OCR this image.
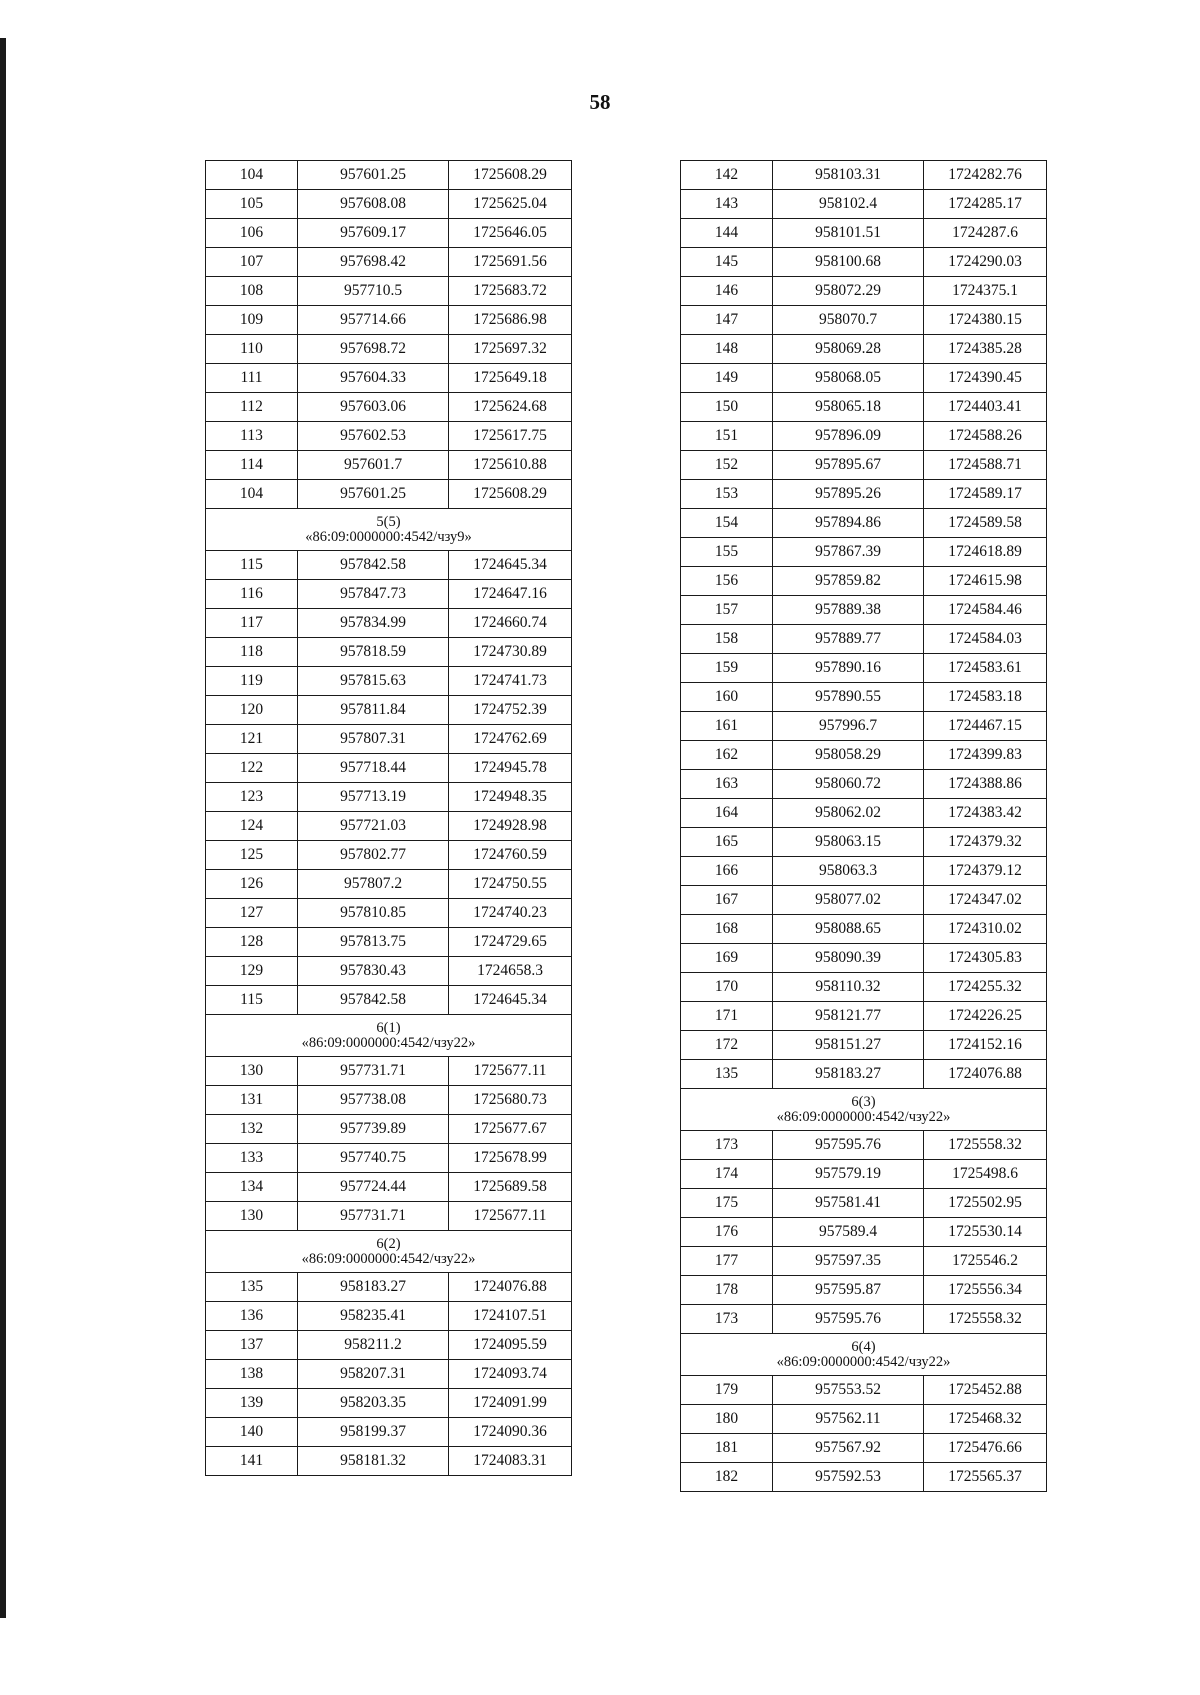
58
104	957601.25	1725608.29
105	957608.08	1725625.04
106	957609.17	1725646.05
107	957698.42	1725691.56
108	957710.5	1725683.72
109	957714.66	1725686.98
110	957698.72	1725697.32
111	957604.33	1725649.18
112	957603.06	1725624.68
113	957602.53	1725617.75
114	957601.7	1725610.88
104	957601.25	1725608.29

5(5)
«86:09:0000000:4542/чзу9»		

115	957842.58	1724645.34
116	957847.73	1724647.16
117	957834.99	1724660.74
118	957818.59	1724730.89
119	957815.63	1724741.73
120	957811.84	1724752.39
121	957807.31	1724762.69
122	957718.44	1724945.78
123	957713.19	1724948.35
124	957721.03	1724928.98
125	957802.77	1724760.59
126	957807.2	1724750.55
127	957810.85	1724740.23
128	957813.75	1724729.65
129	957830.43	1724658.3
115	957842.58	1724645.34

6(1)
«86:09:0000000:4542/чзу22»		

130	957731.71	1725677.11
131	957738.08	1725680.73
132	957739.89	1725677.67
133	957740.75	1725678.99
134	957724.44	1725689.58
130	957731.71	1725677.11

6(2)
«86:09:0000000:4542/чзу22»		

135	958183.27	1724076.88
136	958235.41	1724107.51
137	958211.2	1724095.59
138	958207.31	1724093.74
139	958203.35	1724091.99
140	958199.37	1724090.36
141	958181.32	1724083.31
142	958103.31	1724282.76
143	958102.4	1724285.17
144	958101.51	1724287.6
145	958100.68	1724290.03
146	958072.29	1724375.1
147	958070.7	1724380.15
148	958069.28	1724385.28
149	958068.05	1724390.45
150	958065.18	1724403.41
151	957896.09	1724588.26
152	957895.67	1724588.71
153	957895.26	1724589.17
154	957894.86	1724589.58
155	957867.39	1724618.89
156	957859.82	1724615.98
157	957889.38	1724584.46
158	957889.77	1724584.03
159	957890.16	1724583.61
160	957890.55	1724583.18
161	957996.7	1724467.15
162	958058.29	1724399.83
163	958060.72	1724388.86
164	958062.02	1724383.42
165	958063.15	1724379.32
166	958063.3	1724379.12
167	958077.02	1724347.02
168	958088.65	1724310.02
169	958090.39	1724305.83
170	958110.32	1724255.32
171	958121.77	1724226.25
172	958151.27	1724152.16
135	958183.27	1724076.88

6(3)
«86:09:0000000:4542/чзу22»		

173	957595.76	1725558.32
174	957579.19	1725498.6
175	957581.41	1725502.95
176	957589.4	1725530.14
177	957597.35	1725546.2
178	957595.87	1725556.34
173	957595.76	1725558.32

6(4)
«86:09:0000000:4542/чзу22»		

179	957553.52	1725452.88
180	957562.11	1725468.32
181	957567.92	1725476.66
182	957592.53	1725565.37
